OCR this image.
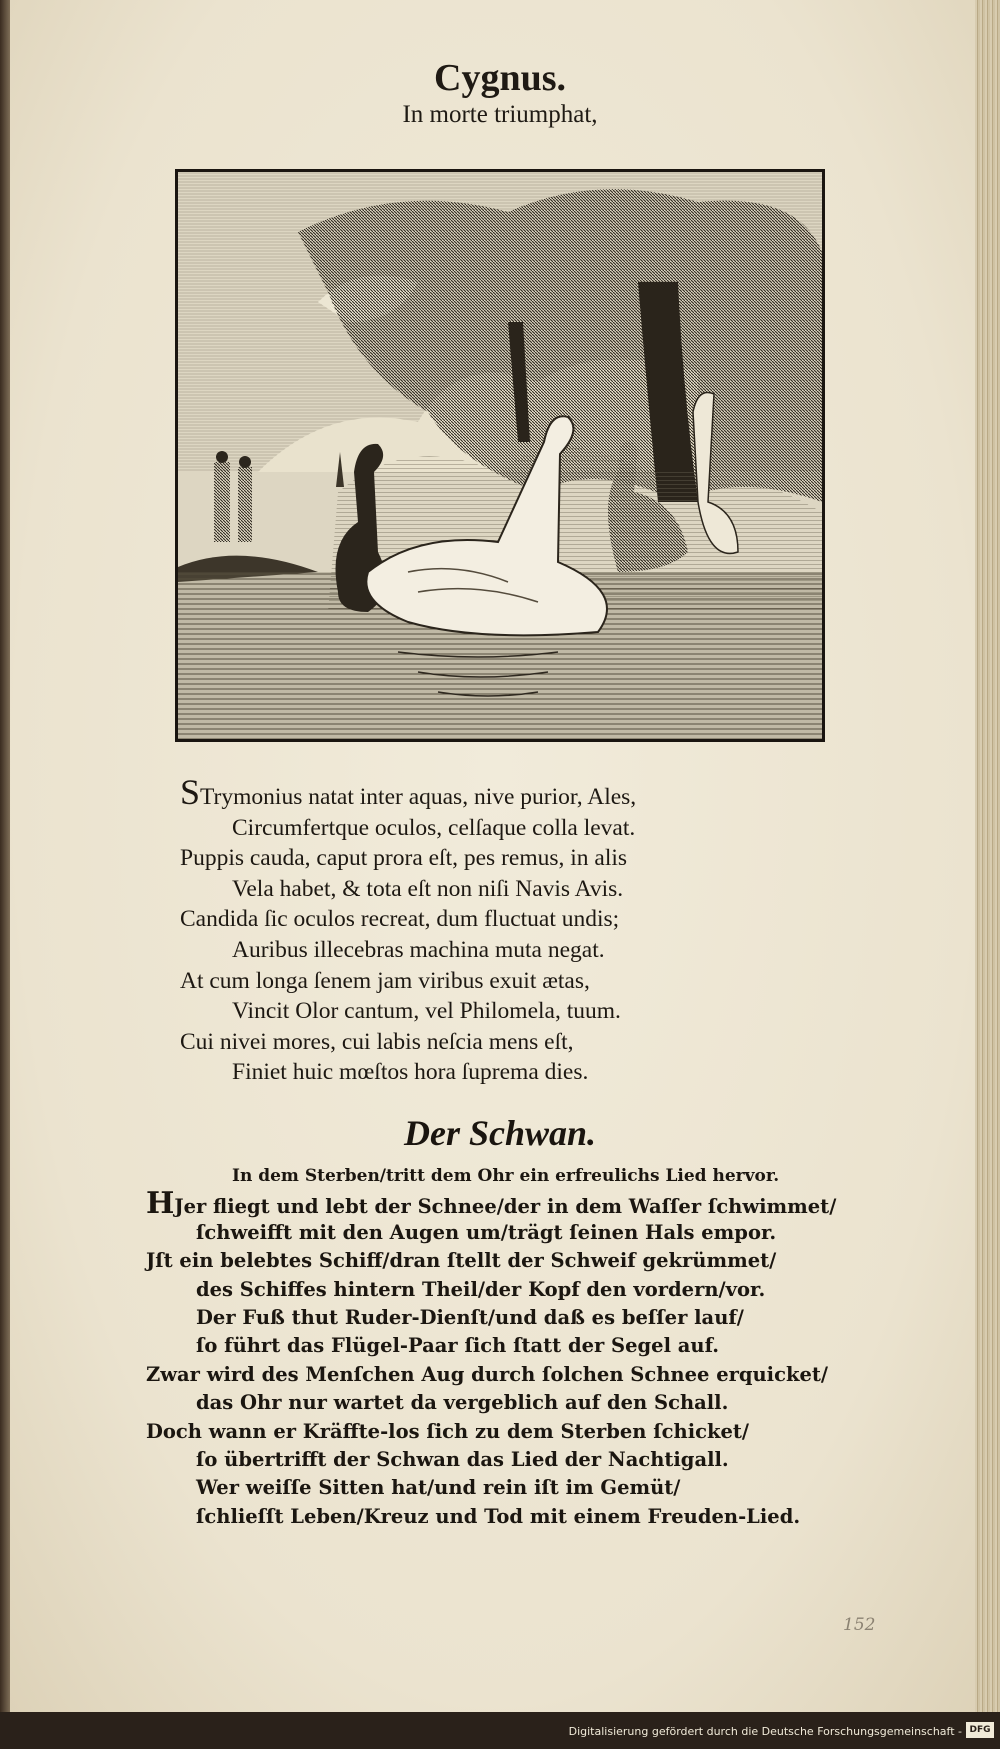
Cygnus.
In morte triumphat,
STrymonius natat inter aquas, nive purior, Ales,
Circumfertque oculos, celſaque colla levat.
Puppis cauda, caput prora eſt, pes remus, in alis
Vela habet, & tota eſt non niſi Navis Avis.
Candida ſic oculos recreat, dum fluctuat undis;
Auribus illecebras machina muta negat.
At cum longa ſenem jam viribus exuit ætas,
Vincit Olor cantum, vel Philomela, tuum.
Cui nivei mores, cui labis neſcia mens eſt,
Finiet huic mœſtos hora ſuprema dies.
Der Schwan.
In dem Sterben/tritt dem Ohr ein erfreulichs Lied hervor.
HJer fliegt und lebt der Schnee/der in dem Waſſer ſchwimmet/
ſchweifft mit den Augen um/trägt ſeinen Hals empor.
Jſt ein belebtes Schiff/dran ſtellt der Schweif gekrümmet/
des Schiffes hintern Theil/der Kopf den vordern/vor.
Der Fuß thut Ruder-Dienſt/und daß es beſſer lauf/
ſo führt das Flügel-Paar ſich ſtatt der Segel auf.
Zwar wird des Menſchen Aug durch ſolchen Schnee erquicket/
das Ohr nur wartet da vergeblich auf den Schall.
Doch wann er Kräffte-los ſich zu dem Sterben ſchicket/
ſo übertrifft der Schwan das Lied der Nachtigall.
Wer weiſſe Sitten hat/und rein iſt im Gemüt/
ſchlieſſt Leben/Kreuz und Tod mit einem Freuden-Lied.
152
Digitalisierung gefördert durch die Deutsche Forschungsgemeinschaft - DFG
